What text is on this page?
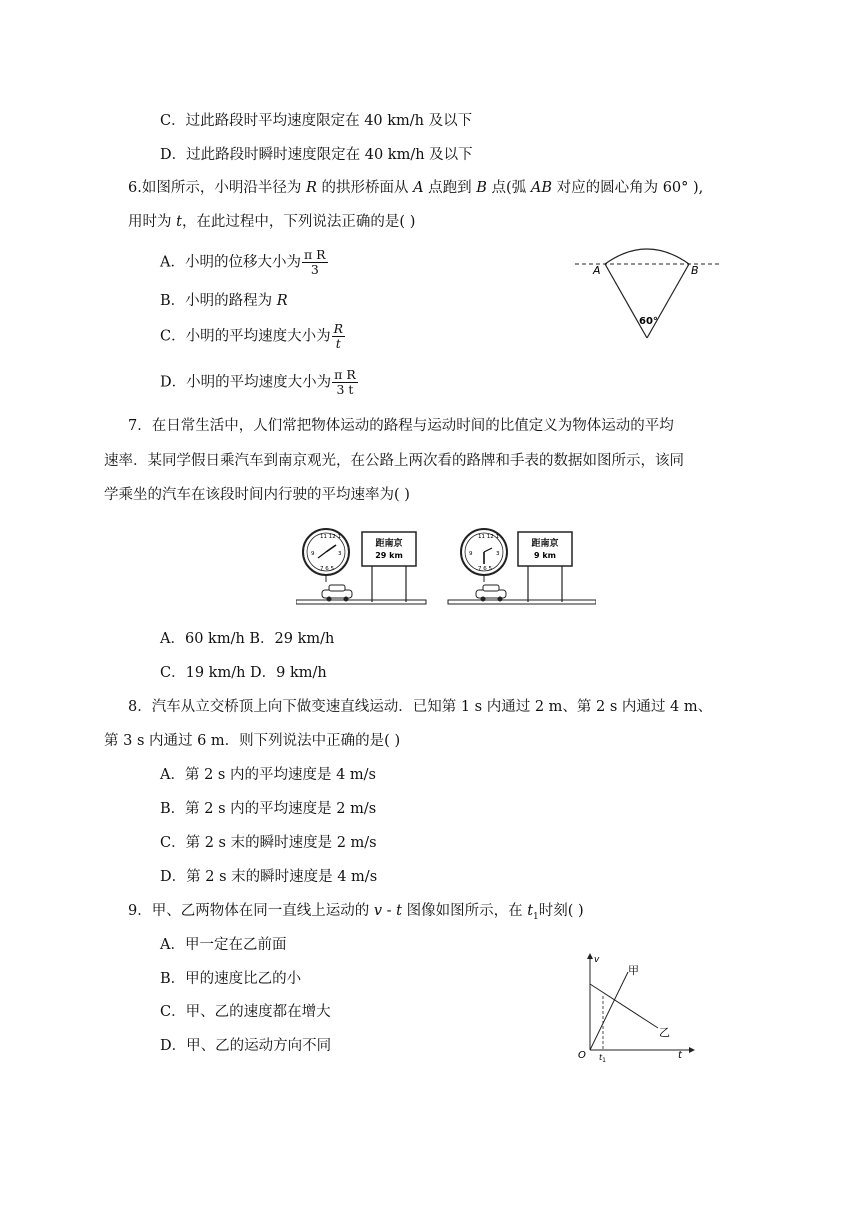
C．过此路段时平均速度限定在 40 km/h 及以下
D．过此路段时瞬时速度限定在 40 km/h 及以下
6.如图所示，小明沿半径为 R 的拱形桥面从 A 点跑到 B 点(弧 AB 对应的圆心角为 60° ),
用时为 t，在此过程中，下列说法正确的是( )
A．小明的位移大小为 $\frac{\text{π R}}{3}$
B．小明的路程为 R
C．小明的平均速度大小为 $\frac{R}{t}$
D．小明的平均速度大小为 $\frac{\text{π R}}{3 t}$
A	B
60°
7．在日常生活中，人们常把物体运动的路程与运动时间的比值定义为物体运动的平均
速率．某同学假日乘汽车到南京观光，在公路上两次看的路牌和手表的数据如图所示，该同
学乘坐的汽车在该段时间内行驶的平均速率为( )
11 12 1
9	3
7 6 5
距南京
29 km
11 12 1
9	3
7 6 5
距南京
9 km
A．60 km/h B．29 km/h
C．19 km/h D．9 km/h
8．汽车从立交桥顶上向下做变速直线运动．已知第 1 s 内通过 2 m、第 2 s 内通过 4 m、
第 3 s 内通过 6 m．则下列说法中正确的是( )
A．第 2 s 内的平均速度是 4 m/s
B．第 2 s 内的平均速度是 2 m/s
C．第 2 s 末的瞬时速度是 2 m/s
D．第 2 s 末的瞬时速度是 4 m/s
9．甲、乙两物体在同一直线上运动的 v - t 图像如图所示，在 $t_1$时刻( )
A．甲一定在乙前面
B．甲的速度比乙的小
C．甲、乙的速度都在增大
D．甲、乙的运动方向不同
v
t
O $t_1$
甲
乙
